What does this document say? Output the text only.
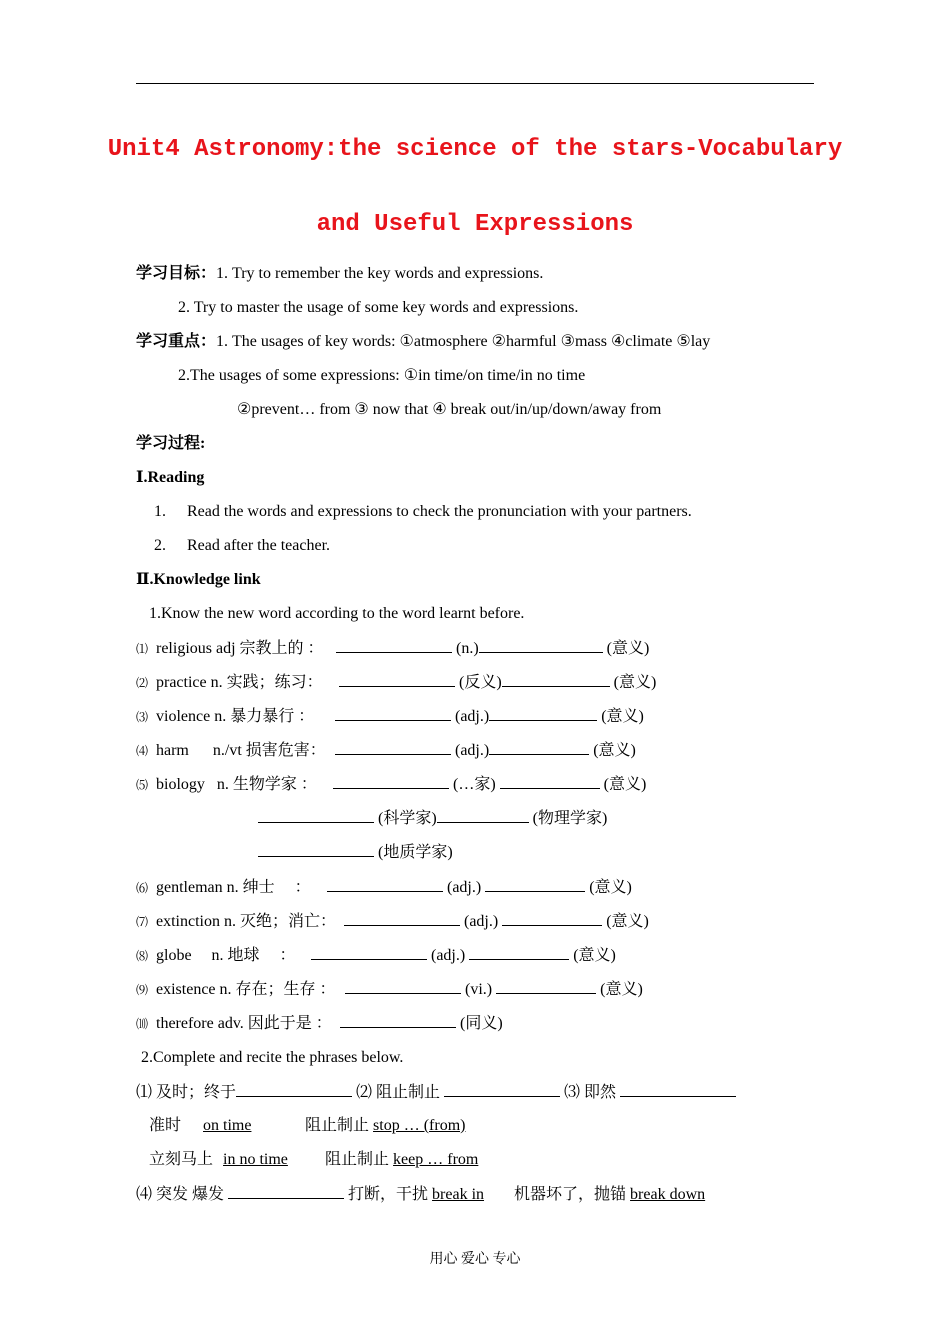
Unit4 Astronomy:the science of the stars-Vocabulary
and Useful Expressions
学习目标：1. Try to remember the key words and expressions.
2. Try to master the usage of some key words and expressions.
学习重点：1. The usages of key words: ①atmosphere ②harmful ③mass ④climate ⑤lay
2.The usages of some expressions: ①in time/on time/in no time
②prevent… from ③ now that ④ break out/in/up/down/away from
学习过程:
Ⅰ.Reading
1. Read the words and expressions to check the pronunciation with your partners.
2. Read after the teacher.
Ⅱ.Knowledge link
1.Know the new word according to the word learnt before.
⑴ religious adj 宗教上的 ：	(n.)	(意义)
⑵ practice n. 实践；练习：	(反义)	(意义)
⑶ violence n. 暴力暴行 ：	(adj.)	(意义)
⑷ harm      n./vt 损害危害：	(adj.)	(意义)
⑸ biology   n. 生物学家 ：	(…家)	(意义)
(科学家)	(物理学家)
(地质学家)
⑹ gentleman n. 绅士     ：	(adj.)	(意义)
⑺ extinction n. 灭绝；消亡：	(adj.)	(意义)
⑻ globe     n. 地球     ：	(adj.)	(意义)
⑼ existence n. 存在；生存 ：	(vi.)	(意义)
⑽ therefore adv. 因此于是 ：	(同义)
2.Complete and recite the phrases below.
⑴ 及时；终于	⑵ 阻止制止	⑶ 即然
准时 on time	阻止制止 stop … (from)
立刻马上 in no time 阻止制止 keep … from
⑷ 突发 爆发	打断，干扰 break in 机器坏了，抛锚 break down
用心 爱心 专心
